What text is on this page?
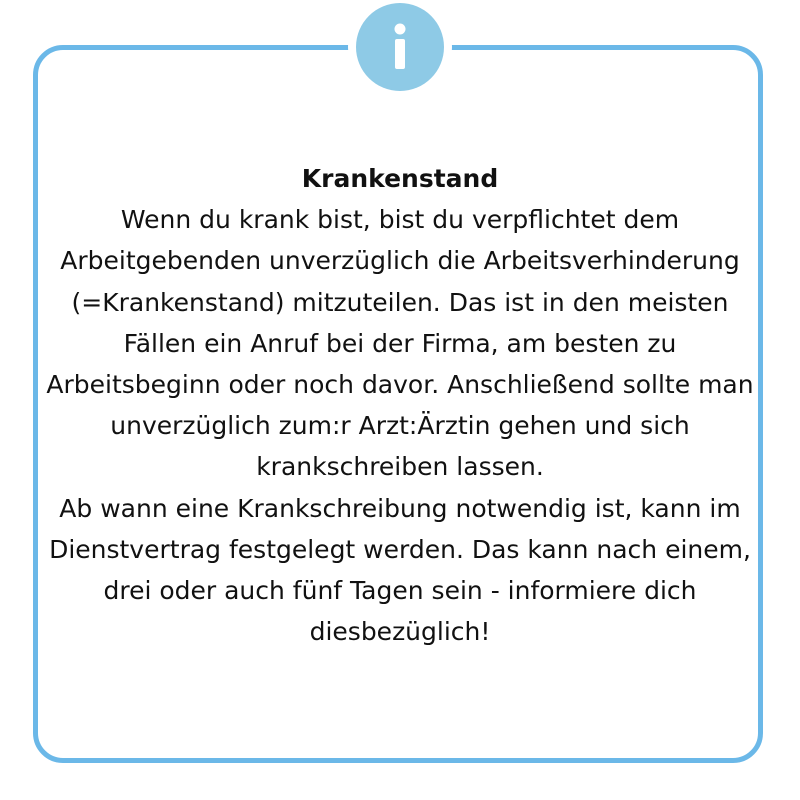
Krankenstand
Wenn du krank bist, bist du verpflichtet dem Arbeitgebenden unverzüglich die Arbeitsverhinderung (=Krankenstand) mitzuteilen. Das ist in den meisten Fällen ein Anruf bei der Firma, am besten zu Arbeitsbeginn oder noch davor. Anschließend sollte man unverzüglich zum:r Arzt:Ärztin gehen und sich krankschreiben lassen.
Ab wann eine Krankschreibung notwendig ist, kann im Dienstvertrag festgelegt werden. Das kann nach einem, drei oder auch fünf Tagen sein - informiere dich diesbezüglich!
